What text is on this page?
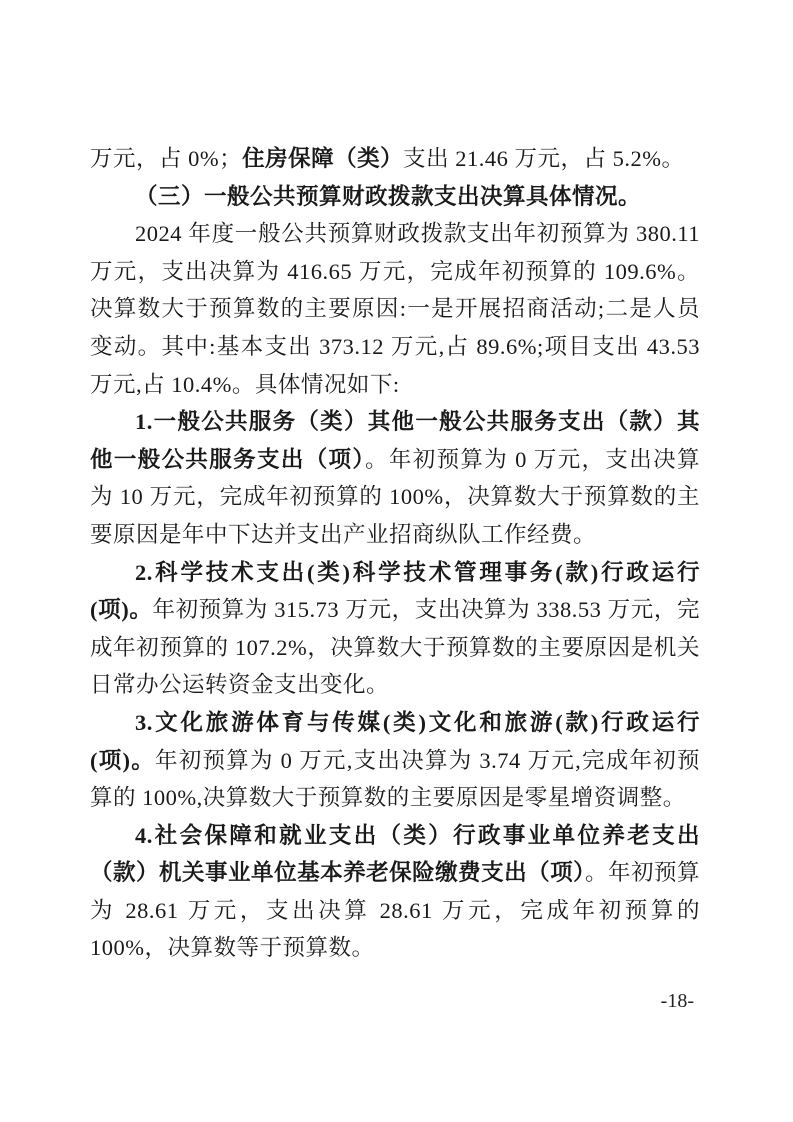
万元，占 0%；住房保障（类）支出 21.46 万元，占 5.2%。

（三）一般公共预算财政拨款支出决算具体情况。

2024 年度一般公共预算财政拨款支出年初预算为 380.11 万元，支出决算为 416.65 万元，完成年初预算的 109.6%。决算数大于预算数的主要原因:一是开展招商活动;二是人员变动。其中:基本支出 373.12 万元,占 89.6%;项目支出 43.53 万元,占 10.4%。具体情况如下:

1.一般公共服务（类）其他一般公共服务支出（款）其他一般公共服务支出（项）。年初预算为 0 万元，支出决算为 10 万元，完成年初预算的 100%，决算数大于预算数的主要原因是年中下达并支出产业招商纵队工作经费。

2.科学技术支出(类)科学技术管理事务(款)行政运行(项)。年初预算为 315.73 万元，支出决算为 338.53 万元，完成年初预算的 107.2%，决算数大于预算数的主要原因是机关日常办公运转资金支出变化。

3.文化旅游体育与传媒(类)文化和旅游(款)行政运行(项)。年初预算为 0 万元,支出决算为 3.74 万元,完成年初预算的 100%,决算数大于预算数的主要原因是零星增资调整。

4.社会保障和就业支出（类）行政事业单位养老支出（款）机关事业单位基本养老保险缴费支出（项）。年初预算为 28.61 万元，支出决算 28.61 万元，完成年初预算的 100%，决算数等于预算数。

-18-
